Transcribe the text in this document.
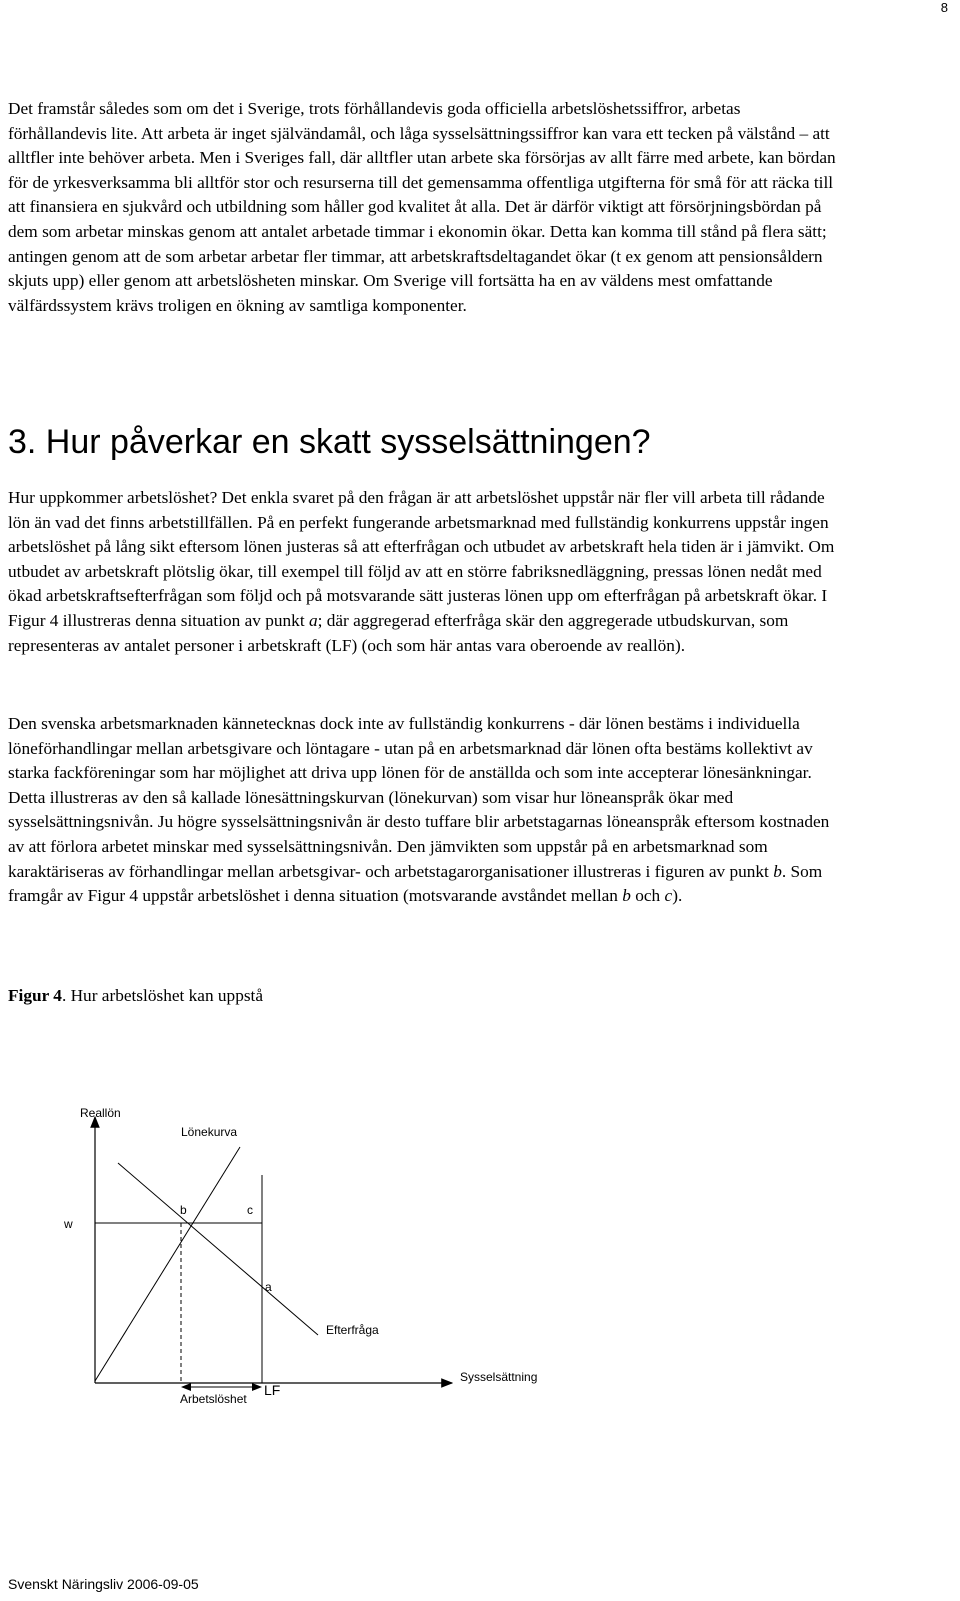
8

Det framstår således som om det i Sverige, trots förhållandevis goda officiella arbetslöshetssiffror, arbetas förhållandevis lite. Att arbeta är inget självändamål, och låga sysselsättningssiffror kan vara ett tecken på välstånd – att alltfler inte behöver arbeta. Men i Sveriges fall, där alltfler utan arbete ska försörjas av allt färre med arbete, kan bördan för de yrkesverksamma bli alltför stor och resurserna till det gemensamma offentliga utgifterna för små för att räcka till att finansiera en sjukvård och utbildning som håller god kvalitet åt alla. Det är därför viktigt att försörjningsbördan på dem som arbetar minskas genom att antalet arbetade timmar i ekonomin ökar. Detta kan komma till stånd på flera sätt; antingen genom att de som arbetar arbetar fler timmar, att arbetskraftsdeltagandet ökar (t ex genom att pensionsåldern skjuts upp) eller genom att arbetslösheten minskar. Om Sverige vill fortsätta ha en av väldens mest omfattande välfärdssystem krävs troligen en ökning av samtliga komponenter.

3. Hur påverkar en skatt sysselsättningen?

Hur uppkommer arbetslöshet? Det enkla svaret på den frågan är att arbetslöshet uppstår när fler vill arbeta till rådande lön än vad det finns arbetstillfällen. På en perfekt fungerande arbetsmarknad med fullständig konkurrens uppstår ingen arbetslöshet på lång sikt eftersom lönen justeras så att efterfrågan och utbudet av arbetskraft hela tiden är i jämvikt. Om utbudet av arbetskraft plötslig ökar, till exempel till följd av att en större fabriksnedläggning, pressas lönen nedåt med ökad arbetskraftsefterfrågan som följd och på motsvarande sätt justeras lönen upp om efterfrågan på arbetskraft ökar. I Figur 4 illustreras denna situation av punkt a; där aggregerad efterfråga skär den aggregerade utbudskurvan, som representeras av antalet personer i arbetskraft (LF) (och som här antas vara oberoende av reallön).

Den svenska arbetsmarknaden kännetecknas dock inte av fullständig konkurrens - där lönen bestäms i individuella löneförhandlingar mellan arbetsgivare och löntagare - utan på en arbetsmarknad där lönen ofta bestäms kollektivt av starka fackföreningar som har möjlighet att driva upp lönen för de anställda och som inte accepterar lönesänkningar. Detta illustreras av den så kallade lönesättningskurvan (lönekurvan) som visar hur löneanspråk ökar med sysselsättningsnivån. Ju högre sysselsättningsnivån är desto tuffare blir arbetstagarnas löneanspråk eftersom kostnaden av att förlora arbetet minskar med sysselsättningsnivån. Den jämvikten som uppstår på en arbetsmarknad som karaktäriseras av förhandlingar mellan arbetsgivar- och arbetstagarorganisationer illustreras i figuren av punkt b. Som framgår av Figur 4 uppstår arbetslöshet i denna situation (motsvarande avståndet mellan b och c).

Figur 4. Hur arbetslöshet kan uppstå

Reallön
Lönekurva
w
b	c
a
Efterfråga
Sysselsättning
LF
Arbetslöshet

Svenskt Näringsliv 2006-09-05
